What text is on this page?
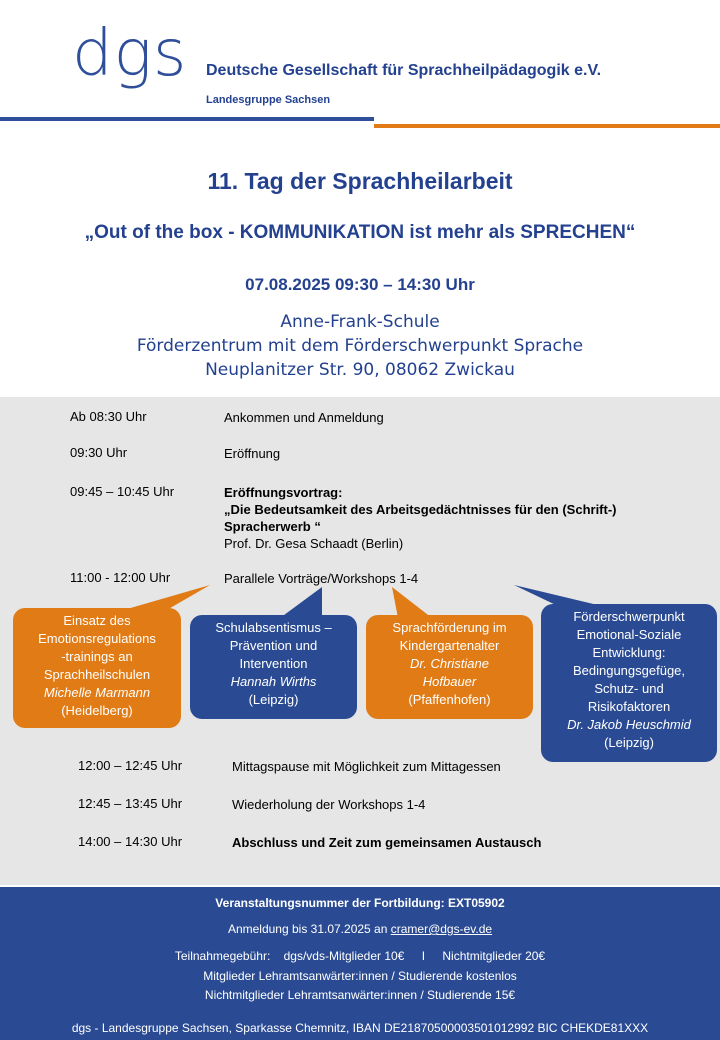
dgs Deutsche Gesellschaft für Sprachheilpädagogik e.V.
Landesgruppe Sachsen
11. Tag der Sprachheilarbeit
„Out of the box - KOMMUNIKATION ist mehr als SPRECHEN“
07.08.2025 09:30 – 14:30 Uhr
Anne-Frank-Schule
Förderzentrum mit dem Förderschwerpunkt Sprache
Neuplanitzer Str. 90, 08062 Zwickau
Ab 08:30 Uhr	Ankommen und Anmeldung
09:30 Uhr	Eröffnung
09:45 – 10:45 Uhr	Eröffnungsvortrag:
„Die Bedeutsamkeit des Arbeitsgedächtnisses für den (Schrift-)
Spracherwerb “
Prof. Dr. Gesa Schaadt (Berlin)
11:00 - 12:00 Uhr	Parallele Vorträge/Workshops 1-4
Einsatz des
Emotionsregulations
-trainings an
Sprachheilschulen
Michelle Marmann
(Heidelberg)
Schulabsentismus –
Prävention und
Intervention
Hannah Wirths
(Leipzig)
Sprachförderung im
Kindergartenalter
Dr. Christiane
Hofbauer
(Pfaffenhofen)
Förderschwerpunkt
Emotional-Soziale
Entwicklung:
Bedingungsgefüge,
Schutz- und
Risikofaktoren
Dr. Jakob Heuschmid
(Leipzig)
12:00 – 12:45 Uhr	Mittagspause mit Möglichkeit zum Mittagessen
12:45 – 13:45 Uhr	Wiederholung der Workshops 1-4
14:00 – 14:30 Uhr	Abschluss und Zeit zum gemeinsamen Austausch
Veranstaltungsnummer der Fortbildung: EXT05902
Anmeldung bis 31.07.2025 an cramer@dgs-ev.de
Teilnahmegebühr: dgs/vds-Mitglieder 10€ I Nichtmitglieder 20€
Mitglieder Lehramtsanwärter:innen / Studierende kostenlos
Nichtmitglieder Lehramtsanwärter:innen / Studierende 15€
dgs - Landesgruppe Sachsen, Sparkasse Chemnitz, IBAN DE21870500003501012992 BIC CHEKDE81XXX
